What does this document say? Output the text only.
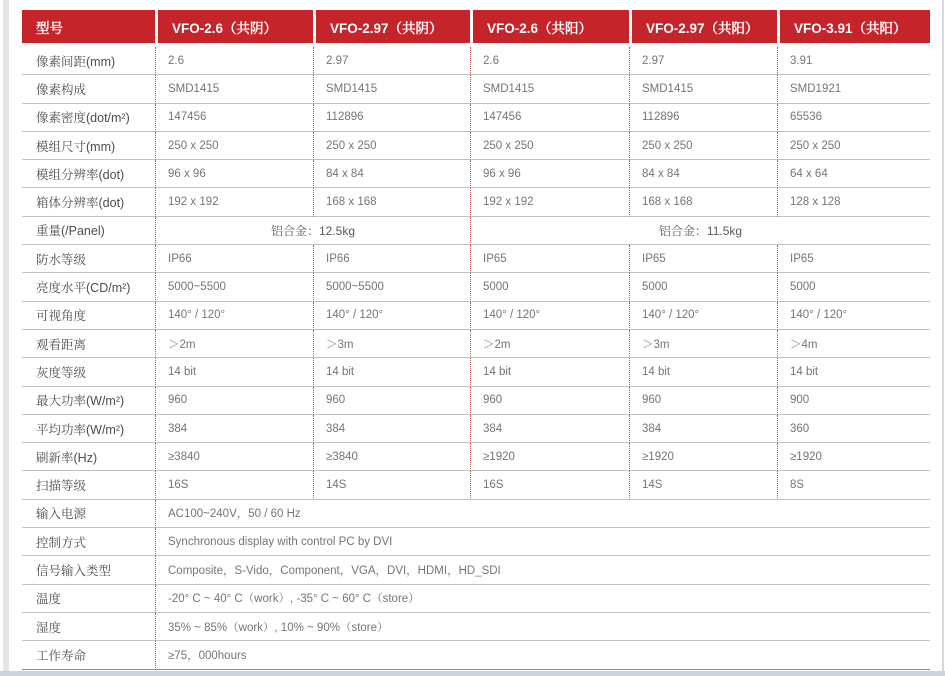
型号	VFO-2.6（共阴）	VFO-2.97（共阴）	VFO-2.6（共阳）	VFO-2.97（共阳）	VFO-3.91（共阳）
像素间距(mm)	2.6	2.97	2.6	2.97	3.91
像素构成	SMD1415	SMD1415	SMD1415	SMD1415	SMD1921
像素密度(dot/m²)	147456	112896	147456	112896	65536
模组尺寸(mm)	250 x 250	250 x 250	250 x 250	250 x 250	250 x 250
模组分辨率(dot)	96 x 96	84 x 84	96 x 96	84 x 84	64 x 64
箱体分辨率(dot)	192 x 192	168 x 168	192 x 192	168 x 168	128 x 128
重量(/Panel)	铝合金：12.5kg		铝合金：11.5kg		
防水等级	IP66	IP66	IP65	IP65	IP65
亮度水平(CD/m²)	5000~5500	5000~5500	5000	5000	5000
可视角度	140° / 120°	140° / 120°	140° / 120°	140° / 120°	140° / 120°
观看距离	＞2m	＞3m	＞2m	＞3m	＞4m
灰度等级	14 bit	14 bit	14 bit	14 bit	14 bit
最大功率(W/m²)	960	960	960	960	900
平均功率(W/m²)	384	384	384	384	360
刷新率(Hz)	≥3840	≥3840	≥1920	≥1920	≥1920
扫描等级	16S	14S	16S	14S	8S
输入电源	AC100~240V，50 / 60 Hz				
控制方式	Synchronous display with control PC by DVI				
信号输入类型	Composite，S-Vido，Component，VGA，DVI，HDMI，HD_SDI				
温度	-20° C ~ 40° C（work）, -35° C ~ 60° C（store）				
湿度	35% ~ 85%（work）, 10% ~ 90%（store）				
工作寿命	≥75，000hours				
